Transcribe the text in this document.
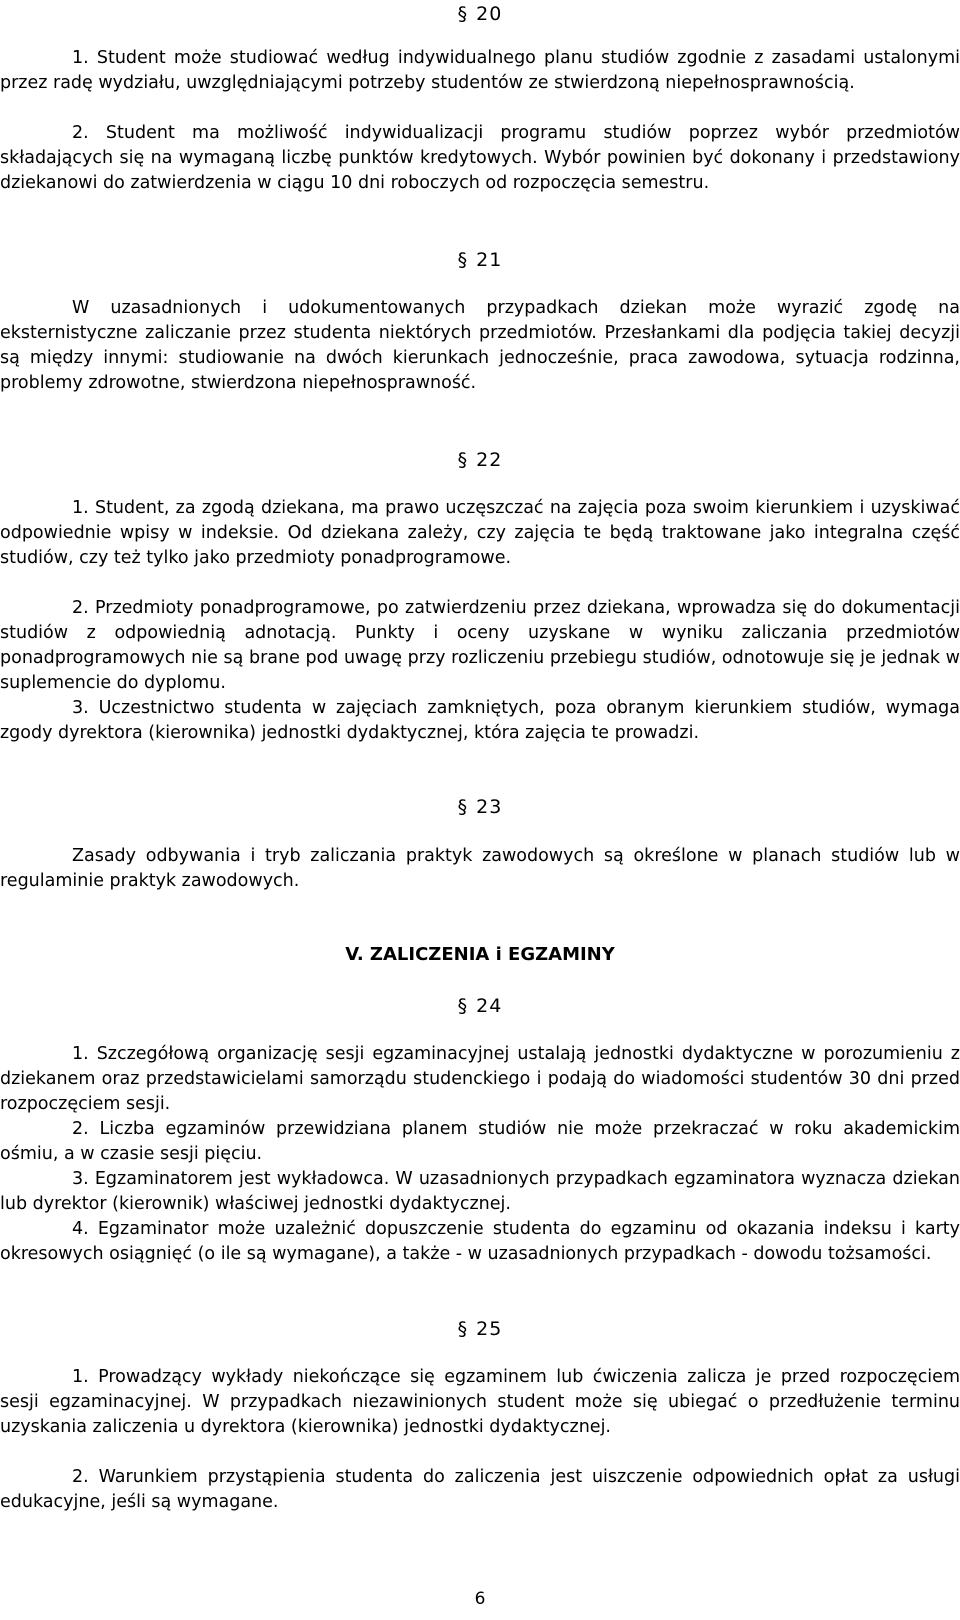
§ 20

1. Student może studiować według indywidualnego planu studiów zgodnie z zasadami ustalonymi przez radę wydziału, uwzględniającymi potrzeby studentów ze stwierdzoną niepełnosprawnością.

2. Student ma możliwość indywidualizacji programu studiów poprzez wybór przedmiotów składających się na wymaganą liczbę punktów kredytowych. Wybór powinien być dokonany i przedstawiony dziekanowi do zatwierdzenia w ciągu 10 dni roboczych od rozpoczęcia semestru.

§ 21

W uzasadnionych i udokumentowanych przypadkach dziekan może wyrazić zgodę na eksternistyczne zaliczanie przez studenta niektórych przedmiotów. Przesłankami dla podjęcia takiej decyzji są między innymi: studiowanie na dwóch kierunkach jednocześnie, praca zawodowa, sytuacja rodzinna, problemy zdrowotne, stwierdzona niepełnosprawność.

§ 22

1. Student, za zgodą dziekana, ma prawo uczęszczać na zajęcia poza swoim kierunkiem i uzyskiwać odpowiednie wpisy w indeksie. Od dziekana zależy, czy zajęcia te będą traktowane jako integralna część studiów, czy też tylko jako przedmioty ponadprogramowe.

2. Przedmioty ponadprogramowe, po zatwierdzeniu przez dziekana, wprowadza się do dokumentacji studiów z odpowiednią adnotacją. Punkty i oceny uzyskane w wyniku zaliczania przedmiotów ponadprogramowych nie są brane pod uwagę przy rozliczeniu przebiegu studiów, odnotowuje się je jednak w suplemencie do dyplomu.

3. Uczestnictwo studenta w zajęciach zamkniętych, poza obranym kierunkiem studiów, wymaga zgody dyrektora (kierownika) jednostki dydaktycznej, która zajęcia te prowadzi.

§ 23

Zasady odbywania i tryb zaliczania praktyk zawodowych są określone w planach studiów lub w regulaminie praktyk zawodowych.

V. ZALICZENIA i EGZAMINY
§ 24

1. Szczegółową organizację sesji egzaminacyjnej ustalają jednostki dydaktyczne w porozumieniu z dziekanem oraz przedstawicielami samorządu studenckiego i podają do wiadomości studentów 30 dni przed rozpoczęciem sesji.

2. Liczba egzaminów przewidziana planem studiów nie może przekraczać w roku akademickim ośmiu, a w czasie sesji pięciu.

3. Egzaminatorem jest wykładowca. W uzasadnionych przypadkach egzaminatora wyznacza dziekan lub dyrektor (kierownik) właściwej jednostki dydaktycznej.

4. Egzaminator może uzależnić dopuszczenie studenta do egzaminu od okazania indeksu i karty okresowych osiągnięć (o ile są wymagane), a także - w uzasadnionych przypadkach - dowodu tożsamości.

§ 25

1. Prowadzący wykłady niekończące się egzaminem lub ćwiczenia zalicza je przed rozpoczęciem sesji egzaminacyjnej. W przypadkach niezawinionych student może się ubiegać o przedłużenie terminu uzyskania zaliczenia u dyrektora (kierownika) jednostki dydaktycznej.

2. Warunkiem przystąpienia studenta do zaliczenia jest uiszczenie odpowiednich opłat za usługi edukacyjne, jeśli są wymagane.

6
